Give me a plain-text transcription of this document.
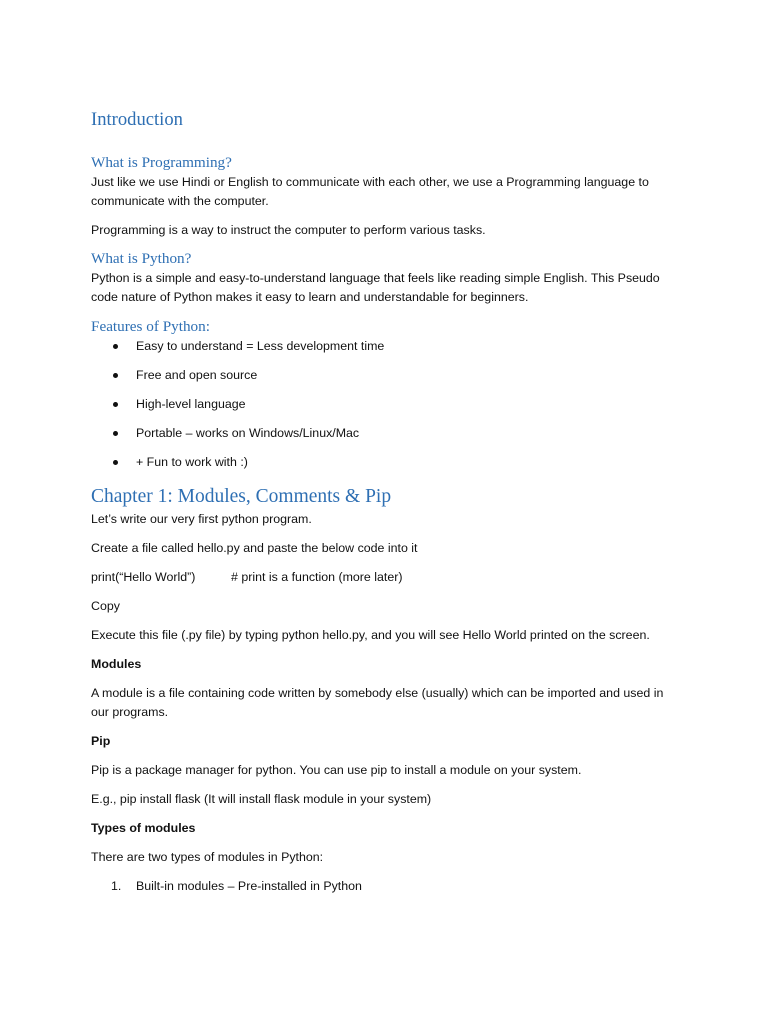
Introduction
What is Programming?

Just like we use Hindi or English to communicate with each other, we use a Programming language to communicate with the computer.

Programming is a way to instruct the computer to perform various tasks.

What is Python?

Python is a simple and easy-to-understand language that feels like reading simple English. This Pseudo code nature of Python makes it easy to learn and understandable for beginners.

Features of Python:
Easy to understand = Less development time
Free and open source
High-level language
Portable – works on Windows/Linux/Mac
+ Fun to work with :)
Chapter 1: Modules, Comments & Pip

Let’s write our very first python program.

Create a file called hello.py and paste the below code into it

print(“Hello World”)	# print is a function (more later)

Copy

Execute this file (.py file) by typing python hello.py, and you will see Hello World printed on the screen.

Modules

A module is a file containing code written by somebody else (usually) which can be imported and used in our programs.

Pip

Pip is a package manager for python. You can use pip to install a module on your system.

E.g., pip install flask (It will install flask module in your system)

Types of modules

There are two types of modules in Python:

1. Built-in modules – Pre-installed in Python
